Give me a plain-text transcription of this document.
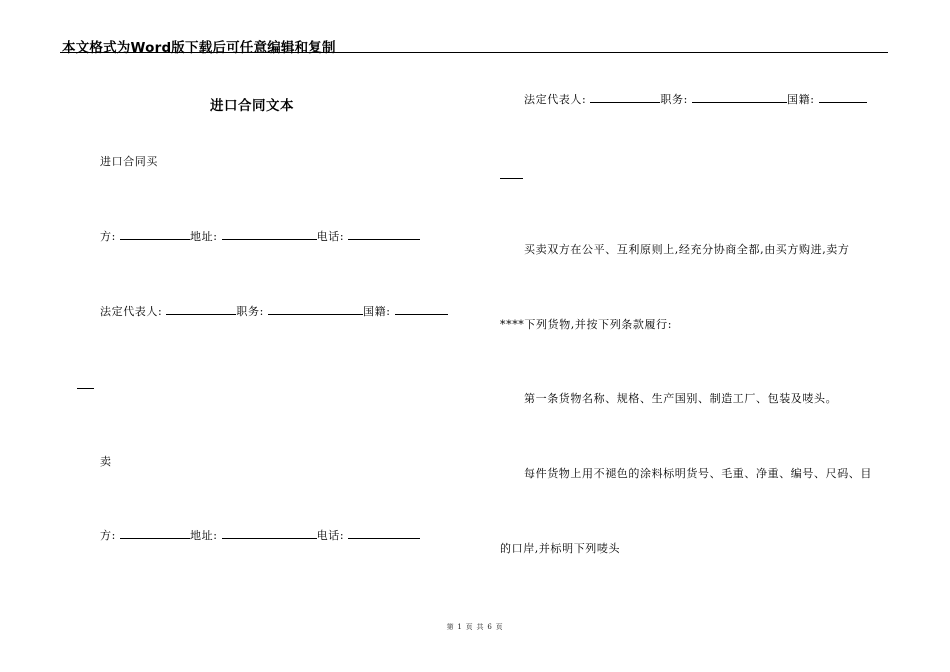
本文格式为Word版下载后可任意编辑和复制
进口合同文本
进口合同买
方:	地址:	电话:
法定代表人:	职务:	国籍:
卖
方:	地址:	电话:
法定代表人:	职务:	国籍:
买卖双方在公平、互利原则上,经充分协商全都,由买方购进,卖方
****下列货物,并按下列条款履行:
第一条货物名称、规格、生产国别、制造工厂、包装及唛头。
每件货物上用不褪色的涂料标明货号、毛重、净重、编号、尺码、目
的口岸,并标明下列唛头
第 1 页 共 6 页
